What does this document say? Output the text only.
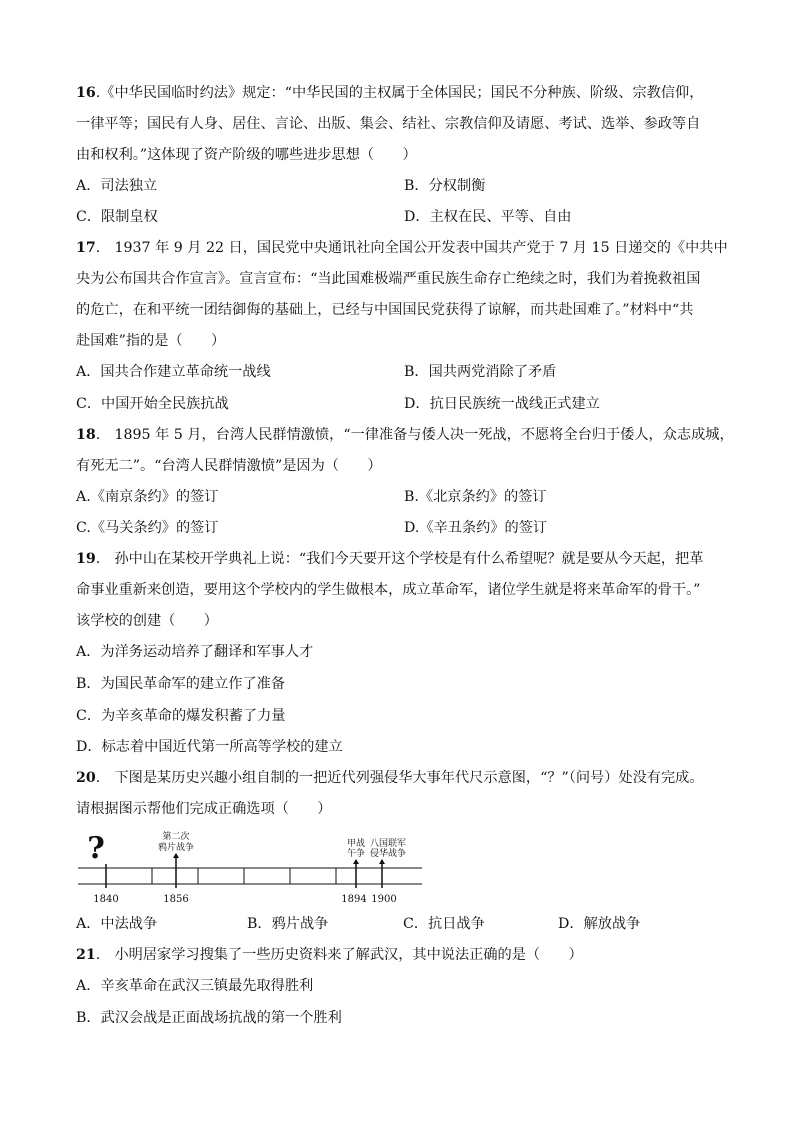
16.《中华民国临时约法》规定：“中华民国的主权属于全体国民；国民不分种族、阶级、宗教信仰，
一律平等；国民有人身、居住、言论、出版、集会、结社、宗教信仰及请愿、考试、选举、参政等自
由和权利。”这体现了资产阶级的哪些进步思想（　　）
A．司法独立	B．分权制衡
C．限制皇权	D．主权在民、平等、自由
17.　1937 年 9 月 22 日，国民党中央通讯社向全国公开发表中国共产党于 7 月 15 日递交的《中共中
央为公布国共合作宣言》。宣言宣布：“当此国难极端严重民族生命存亡绝续之时，我们为着挽救祖国
的危亡，在和平统一团结御侮的基础上，已经与中国国民党获得了谅解，而共赴国难了。”材料中“共
赴国难”指的是（　　）
A．国共合作建立革命统一战线	B．国共两党消除了矛盾
C．中国开始全民族抗战	D．抗日民族统一战线正式建立
18.　1895 年 5 月，台湾人民群情激愤，“一律准备与倭人决一死战，不愿将全台归于倭人，众志成城，
有死无二”。“台湾人民群情激愤”是因为（　　）
A.《南京条约》的签订	B.《北京条约》的签订
C.《马关条约》的签订	D.《辛丑条约》的签订
19.　孙中山在某校开学典礼上说：“我们今天要开这个学校是有什么希望呢？就是要从今天起，把革
命事业重新来创造，要用这个学校内的学生做根本，成立革命军，诸位学生就是将来革命军的骨干。”
该学校的创建（　　）
A．为洋务运动培养了翻译和军事人才
B．为国民革命军的建立作了准备
C．为辛亥革命的爆发积蓄了力量
D．标志着中国近代第一所高等学校的建立
20.　下图是某历史兴趣小组自制的一把近代列强侵华大事年代尺示意图，“？”（问号）处没有完成。
请根据图示帮他们完成正确选项（　　）
?	第二次
鸦片战争	甲战
午争
八国联军
侵华战争
1840	1856	1894 1900
A．中法战争	B．鸦片战争	C．抗日战争	D．解放战争
21.　小明居家学习搜集了一些历史资料来了解武汉，其中说法正确的是（　　）
A．辛亥革命在武汉三镇最先取得胜利
B．武汉会战是正面战场抗战的第一个胜利
